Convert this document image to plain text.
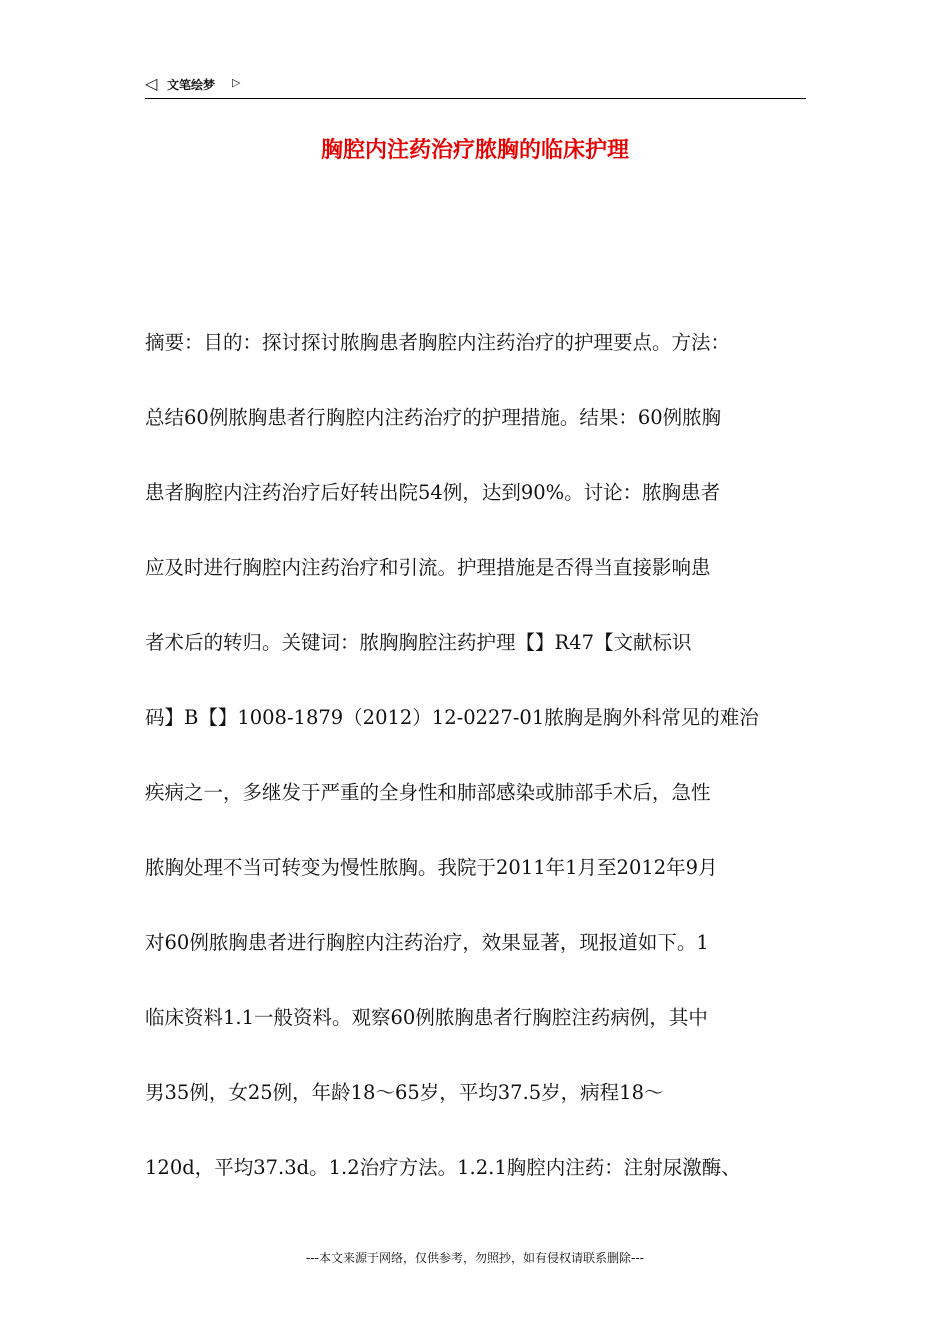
◁ 文笔绘梦 ▷
胸腔内注药治疗脓胸的临床护理
摘要：目的：探讨探讨脓胸患者胸腔内注药治疗的护理要点。方法：
总结60例脓胸患者行胸腔内注药治疗的护理措施。结果：60例脓胸
患者胸腔内注药治疗后好转出院54例，达到90%。讨论：脓胸患者
应及时进行胸腔内注药治疗和引流。护理措施是否得当直接影响患
者术后的转归。关键词：脓胸胸腔注药护理【】R47【文献标识
码】B【】1008-1879（2012）12-0227-01脓胸是胸外科常见的难治
疾病之一，多继发于严重的全身性和肺部感染或肺部手术后，急性
脓胸处理不当可转变为慢性脓胸。我院于2011年1月至2012年9月
对60例脓胸患者进行胸腔内注药治疗，效果显著，现报道如下。1
临床资料1.1一般资料。观察60例脓胸患者行胸腔注药病例，其中
男35例，女25例，年龄18～65岁，平均37.5岁，病程18～
120d，平均37.3d。1.2治疗方法。1.2.1胸腔内注药：注射尿激酶、
---本文来源于网络，仅供参考，勿照抄，如有侵权请联系删除---
